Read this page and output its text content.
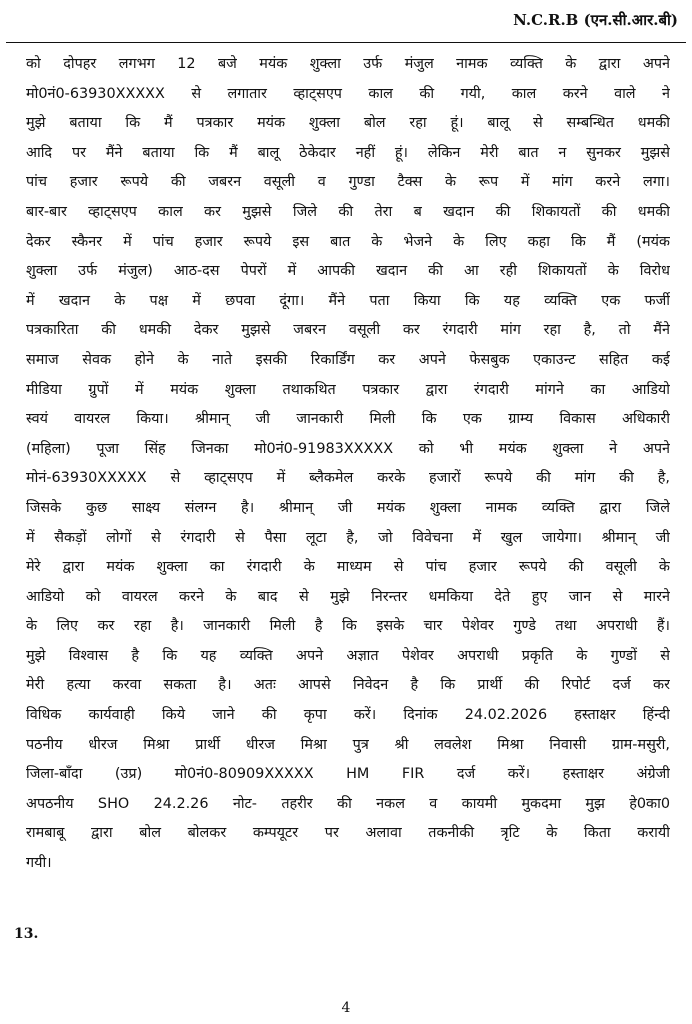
N.C.R.B (एन.सी.आर.बी)
को दोपहर लगभग 12 बजे मयंक शुक्ला उर्फ मंजुल नामक व्यक्ति के द्वारा अपने
मो0नं0-63930XXXXX से लगातार व्हाट्सएप काल की गयी, काल करने वाले ने
मुझे बताया कि मैं पत्रकार मयंक शुक्ला बोल रहा हूं। बालू से सम्बन्धित धमकी
आदि पर मैंने बताया कि मैं बालू ठेकेदार नहीं हूं। लेकिन मेरी बात न सुनकर मुझसे
पांच हजार रूपये की जबरन वसूली व गुण्डा टैक्स के रूप में मांग करने लगा।
बार-बार व्हाट्सएप काल कर मुझसे जिले की तेरा ब खदान की शिकायतों की धमकी
देकर स्कैनर में पांच हजार रूपये इस बात के भेजने के लिए कहा कि मैं (मयंक
शुक्ला उर्फ मंजुल) आठ-दस पेपरों में आपकी खदान की आ रही शिकायतों के विरोध
में खदान के पक्ष में छपवा दूंगा। मैंने पता किया कि यह व्यक्ति एक फर्जी
पत्रकारिता की धमकी देकर मुझसे जबरन वसूली कर रंगदारी मांग रहा है, तो मैंने
समाज सेवक होने के नाते इसकी रिकार्डिंग कर अपने फेसबुक एकाउन्ट सहित कई
मीडिया ग्रुपों में मयंक शुक्ला तथाकथित पत्रकार द्वारा रंगदारी मांगने का आडियो
स्वयं वायरल किया। श्रीमान् जी जानकारी मिली कि एक ग्राम्य विकास अधिकारी
(महिला) पूजा सिंह जिनका मो0नं0-91983XXXXX को भी मयंक शुक्ला ने अपने
मोनं-63930XXXXX से व्हाट्सएप में ब्लैकमेल करके हजारों रूपये की मांग की है,
जिसके कुछ साक्ष्य संलग्न है। श्रीमान् जी मयंक शुक्ला नामक व्यक्ति द्वारा जिले
में सैकड़ों लोगों से रंगदारी से पैसा लूटा है, जो विवेचना में खुल जायेगा। श्रीमान् जी
मेरे द्वारा मयंक शुक्ला का रंगदारी के माध्यम से पांच हजार रूपये की वसूली के
आडियो को वायरल करने के बाद से मुझे निरन्तर धमकिया देते हुए जान से मारने
के लिए कर रहा है। जानकारी मिली है कि इसके चार पेशेवर गुण्डे तथा अपराधी हैं।
मुझे विश्वास है कि यह व्यक्ति अपने अज्ञात पेशेवर अपराधी प्रकृति के गुण्डों से
मेरी हत्या करवा सकता है। अतः आपसे निवेदन है कि प्रार्थी की रिपोर्ट दर्ज कर
विधिक कार्यवाही किये जाने की कृपा करें। दिनांक 24.02.2026 हस्ताक्षर हिंन्दी
पठनीय धीरज मिश्रा प्रार्थी धीरज मिश्रा पुत्र श्री लवलेश मिश्रा निवासी ग्राम-मसुरी,
जिला-बाँदा (उप्र) मो0नं0-80909XXXXX HM FIR दर्ज करें। हस्ताक्षर अंग्रेजी
अपठनीय SHO 24.2.26 नोट- तहरीर की नकल व कायमी मुकदमा मुझ हे0का0
रामबाबू द्वारा बोल बोलकर कम्पयूटर पर अलावा तकनीकी त्रृटि के किता करायी
गयी।
13.
4
